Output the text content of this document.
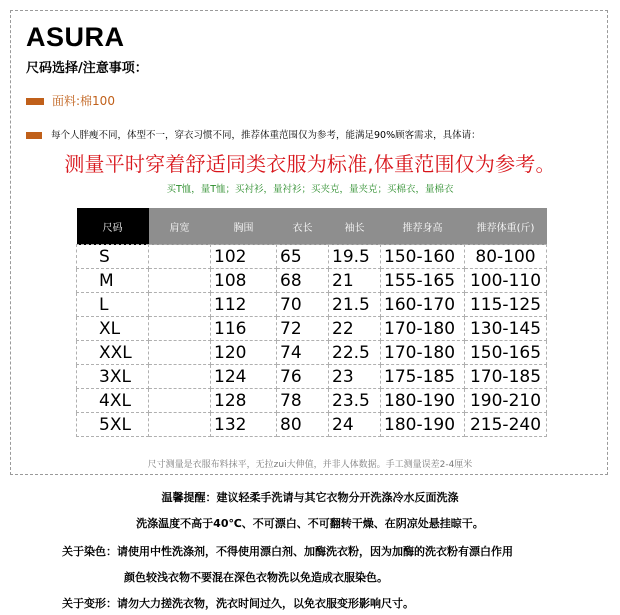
ASURA
尺码选择/注意事项：
面料:棉100
每个人胖瘦不同，体型不一，穿衣习惯不同，推荐体重范围仅为参考，能满足90%顾客需求，具体请：
测量平时穿着舒适同类衣服为标准,体重范围仅为参考。
买T恤，量T恤；买衬衫，量衬衫；买夹克，量夹克；买棉衣，量棉衣
尺码	肩宽	胸围	衣长	袖长	推荐身高	推荐体重(斤)
S		102	65	19.5	150-160	80-100
M		108	68	21	155-165	100-110
L		112	70	21.5	160-170	115-125
XL		116	72	22	170-180	130-145
XXL		120	74	22.5	170-180	150-165
3XL		124	76	23	175-185	170-185
4XL		128	78	23.5	180-190	190-210
5XL		132	80	24	180-190	215-240
尺寸测量是衣服布料抹平，无拉zui大伸值，并非人体数据。手工测量误差2-4厘米
温馨提醒：建议轻柔手洗请与其它衣物分开洗涤冷水反面洗涤
洗涤温度不高于40℃、不可漂白、不可翻转干燥、在阴凉处悬挂晾干。
关于染色：请使用中性洗涤剂，不得使用漂白剂、加酶洗衣粉，因为加酶的洗衣粉有漂白作用
颜色较浅衣物不要混在深色衣物洗以免造成衣服染色。
关于变形：请勿大力搓洗衣物，洗衣时间过久，以免衣服变形影响尺寸。
